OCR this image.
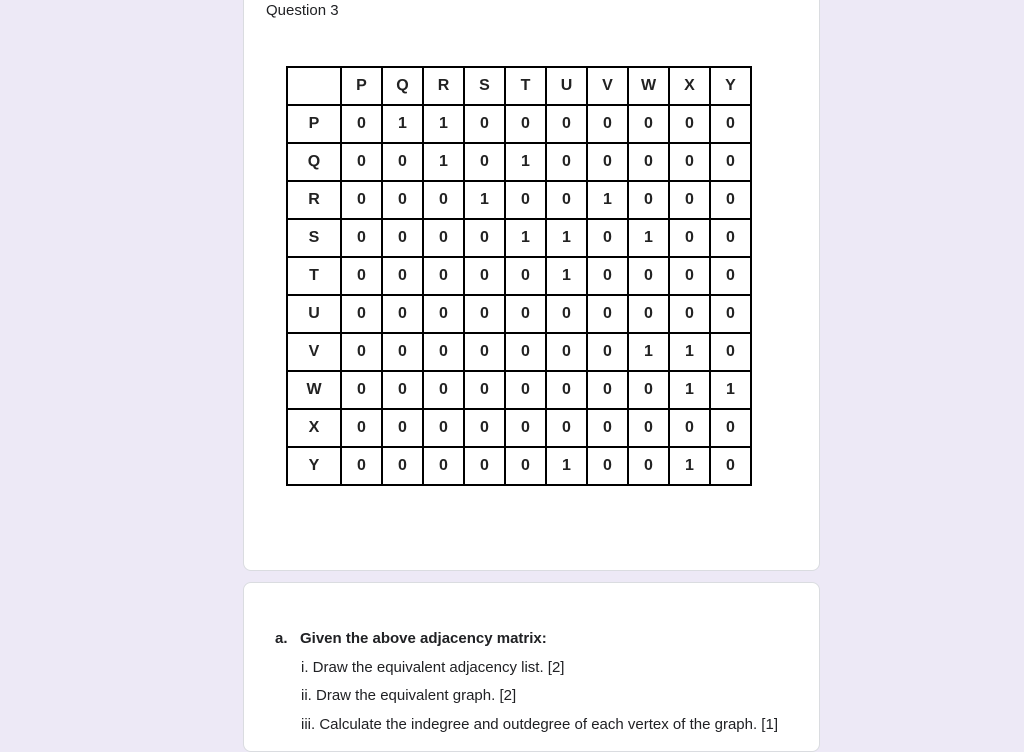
Question 3
	P	Q	R	S	T	U	V	W	X	Y
P	0	1	1	0	0	0	0	0	0	0
Q	0	0	1	0	1	0	0	0	0	0
R	0	0	0	1	0	0	1	0	0	0
S	0	0	0	0	1	1	0	1	0	0
T	0	0	0	0	0	1	0	0	0	0
U	0	0	0	0	0	0	0	0	0	0
V	0	0	0	0	0	0	0	1	1	0
W	0	0	0	0	0	0	0	0	1	1
X	0	0	0	0	0	0	0	0	0	0
Y	0	0	0	0	0	1	0	0	1	0
a. Given the above adjacency matrix:
i. Draw the equivalent adjacency list. [2]
ii. Draw the equivalent graph. [2]
iii. Calculate the indegree and outdegree of each vertex of the graph. [1]
